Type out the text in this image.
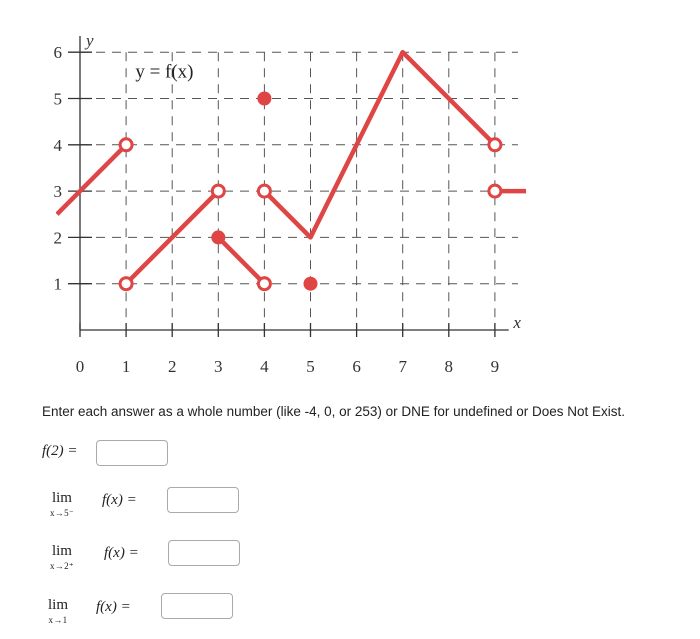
0 1 2 3 4 5 6 7 8 9
1
2
3
4
5
6
x
y
y = f(x)
Enter each answer as a whole number (like -4, 0, or 253) or DNE for undefined or Does Not Exist.
f(2) =
lim
x→5⁻
f(x) =
lim
x→2⁺
f(x) =
lim
x→1
f(x) =
